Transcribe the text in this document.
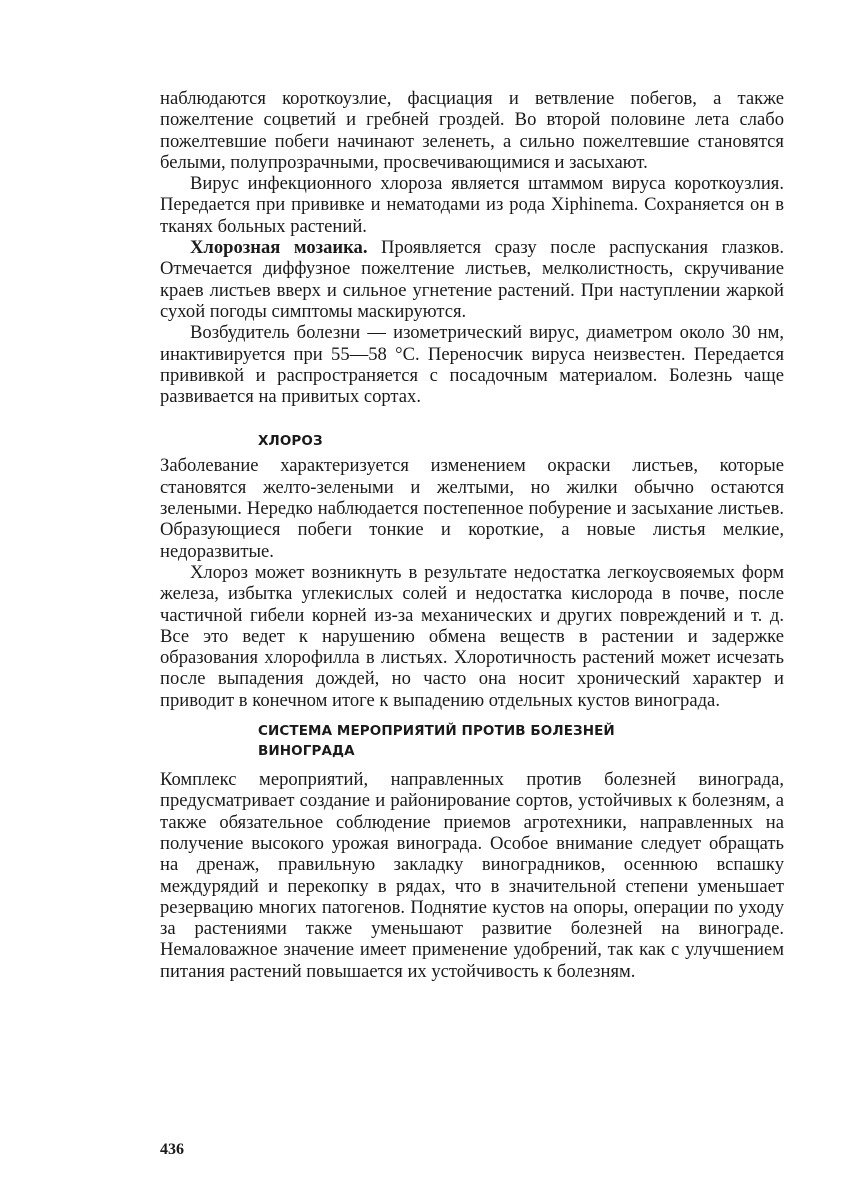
наблюдаются короткоузлие, фасциация и ветвление побегов, а также пожелтение соцветий и гребней гроздей. Во второй половине лета слабо пожелтевшие побеги начинают зеленеть, а сильно пожелтевшие становятся белыми, полупрозрачными, просвечивающимися и засыхают.

Вирус инфекционного хлороза является штаммом вируса короткоузлия. Передается при прививке и нематодами из рода Xiphinema. Сохраняется он в тканях больных растений.

Хлорозная мозаика. Проявляется сразу после распускания глазков. Отмечается диффузное пожелтение листьев, мелколистность, скручивание краев листьев вверх и сильное угнетение растений. При наступлении жаркой сухой погоды симптомы маскируются.

Возбудитель болезни — изометрический вирус, диаметром около 30 нм, инактивируется при 55—58 °С. Переносчик вируса неизвестен. Передается прививкой и распространяется с посадочным материалом. Болезнь чаще развивается на привитых сортах.

ХЛОРОЗ

Заболевание характеризуется изменением окраски листьев, которые становятся желто-зелеными и желтыми, но жилки обычно остаются зелеными. Нередко наблюдается постепенное побурение и засыхание листьев. Образующиеся побеги тонкие и короткие, а новые листья мелкие, недоразвитые.

Хлороз может возникнуть в результате недостатка легкоусвояемых форм железа, избытка углекислых солей и недостатка кислорода в почве, после частичной гибели корней из-за механических и других повреждений и т. д. Все это ведет к нарушению обмена веществ в растении и задержке образования хлорофилла в листьях. Хлоротичность растений может исчезать после выпадения дождей, но часто она носит хронический характер и приводит в конечном итоге к выпадению отдельных кустов винограда.

СИСТЕМА МЕРОПРИЯТИЙ ПРОТИВ БОЛЕЗНЕЙ ВИНОГРАДА

Комплекс мероприятий, направленных против болезней винограда, предусматривает создание и районирование сортов, устойчивых к болезням, а также обязательное соблюдение приемов агротехники, направленных на получение высокого урожая винограда. Особое внимание следует обращать на дренаж, правильную закладку виноградников, осеннюю вспашку междурядий и перекопку в рядах, что в значительной степени уменьшает резервацию многих патогенов. Поднятие кустов на опоры, операции по уходу за растениями также уменьшают развитие болезней на винограде. Немаловажное значение имеет применение удобрений, так как с улучшением питания растений повышается их устойчивость к болезням.

436
